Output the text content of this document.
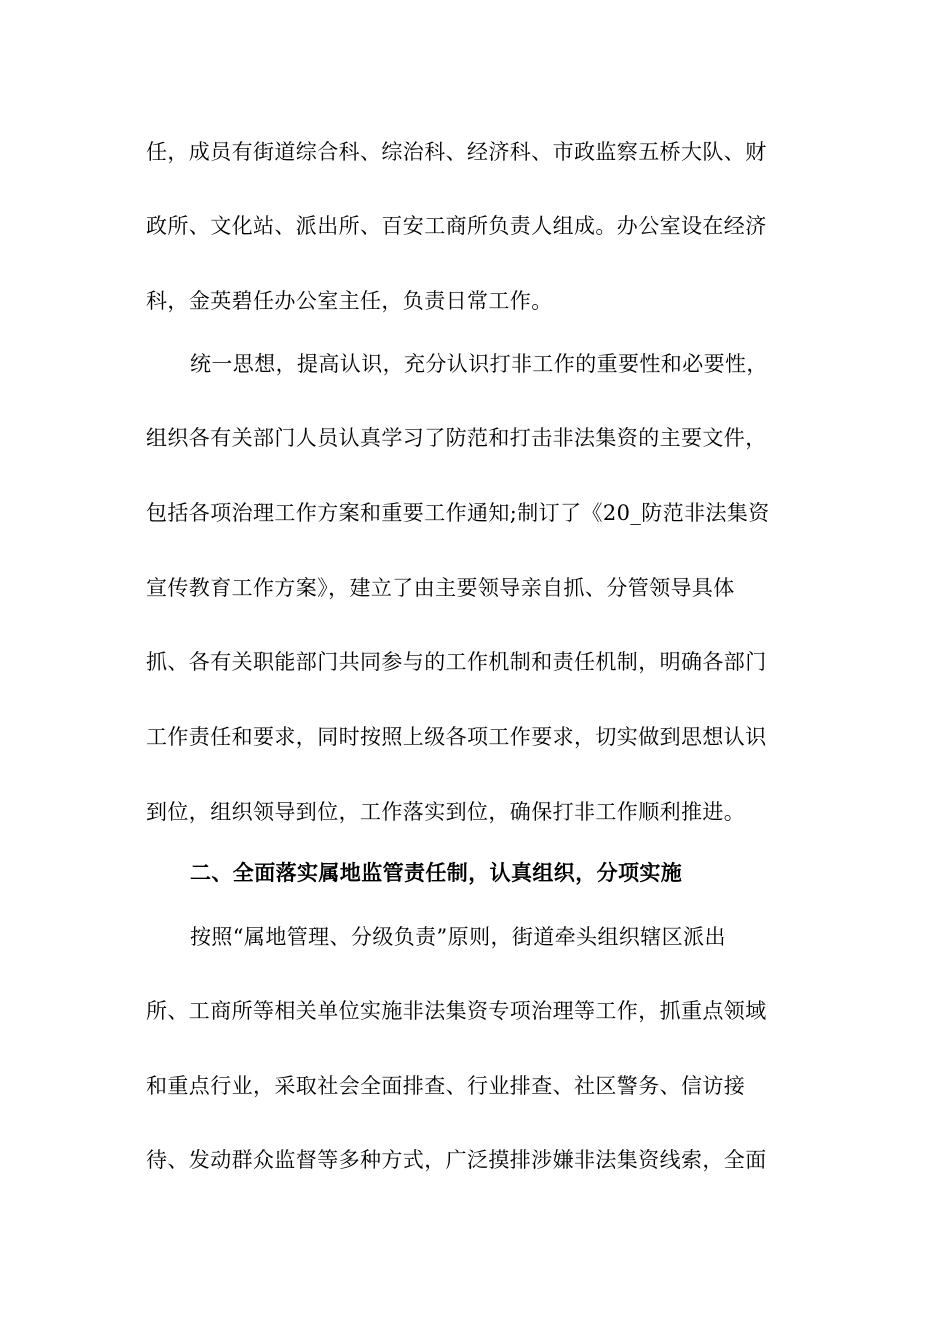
任，成员有街道综合科、综治科、经济科、市政监察五桥大队、财
政所、文化站、派出所、百安工商所负责人组成。办公室设在经济
科，金英碧任办公室主任，负责日常工作。
统一思想，提高认识，充分认识打非工作的重要性和必要性，
组织各有关部门人员认真学习了防范和打击非法集资的主要文件，
包括各项治理工作方案和重要工作通知;制订了《20_防范非法集资
宣传教育工作方案》，建立了由主要领导亲自抓、分管领导具体
抓、各有关职能部门共同参与的工作机制和责任机制，明确各部门
工作责任和要求，同时按照上级各项工作要求，切实做到思想认识
到位，组织领导到位，工作落实到位，确保打非工作顺利推进。
二、全面落实属地监管责任制，认真组织，分项实施
按照“属地管理、分级负责”原则，街道牵头组织辖区派出
所、工商所等相关单位实施非法集资专项治理等工作，抓重点领域
和重点行业，采取社会全面排查、行业排查、社区警务、信访接
待、发动群众监督等多种方式，广泛摸排涉嫌非法集资线索，全面
